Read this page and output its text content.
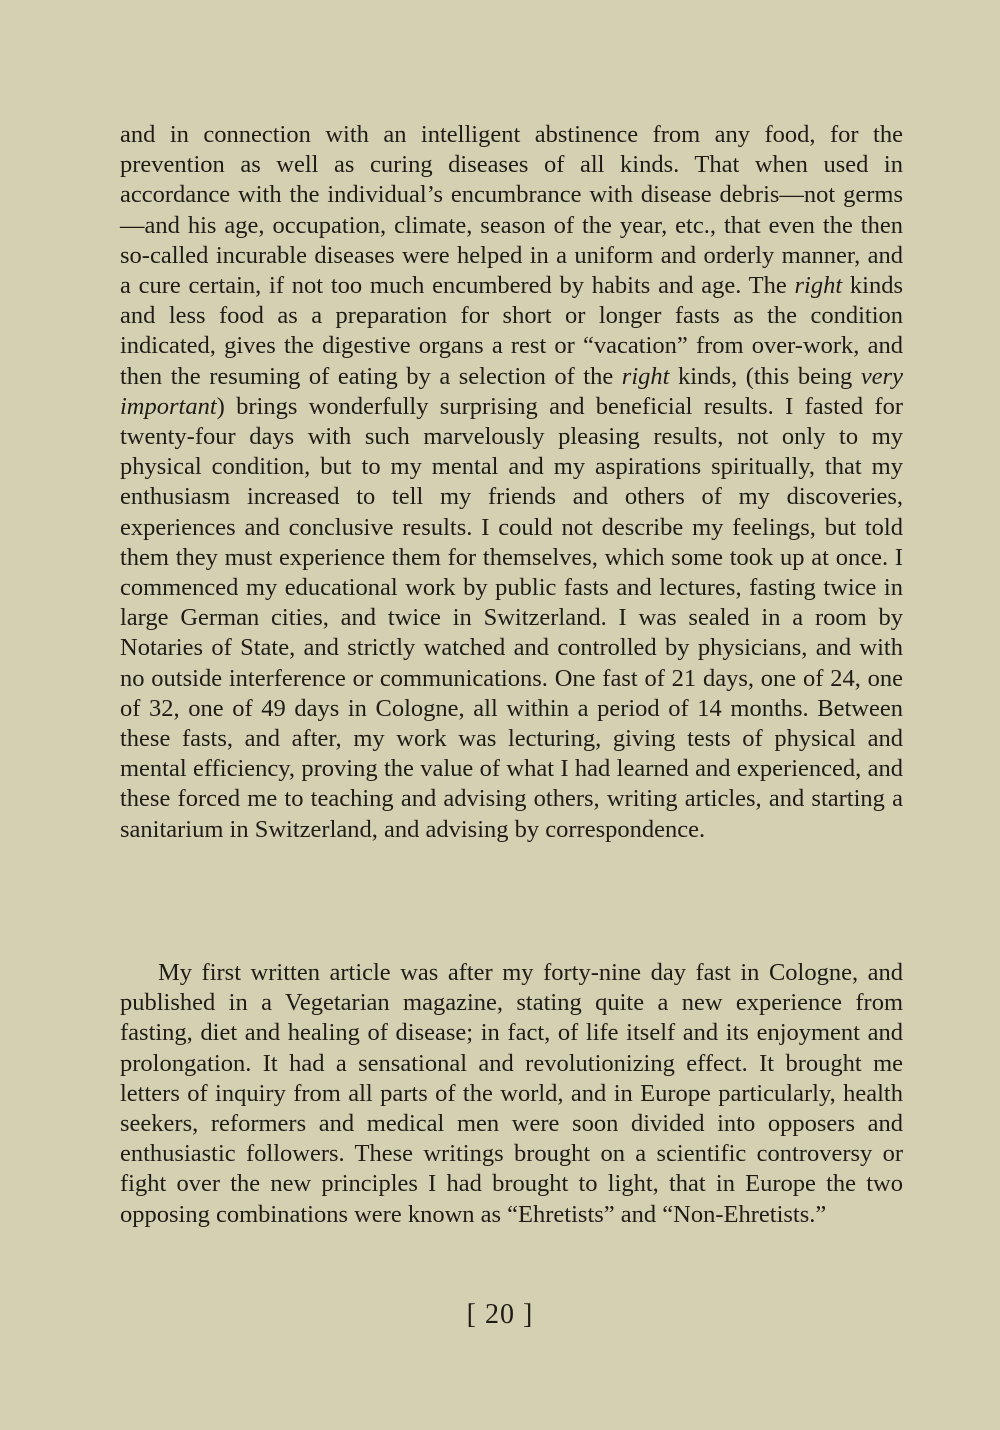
and in connection with an intelligent abstinence from any food, for the prevention as well as curing diseases of all kinds. That when used in accordance with the individual’s encumbrance with disease debris—not germs—and his age, occupation, climate, season of the year, etc., that even the then so-called incurable diseases were helped in a uniform and orderly manner, and a cure certain, if not too much encumbered by habits and age. The right kinds and less food as a preparation for short or longer fasts as the condition indicated, gives the digestive organs a rest or “vacation” from over-work, and then the resuming of eating by a selection of the right kinds, (this being very important) brings wonderfully surprising and beneficial results. I fasted for twenty-four days with such marvelously pleasing results, not only to my physical condition, but to my mental and my aspirations spiritually, that my enthusiasm increased to tell my friends and others of my discoveries, experiences and conclusive results. I could not describe my feelings, but told them they must experience them for themselves, which some took up at once. I commenced my educational work by public fasts and lectures, fasting twice in large German cities, and twice in Switzerland. I was sealed in a room by Notaries of State, and strictly watched and controlled by physicians, and with no outside interference or communications. One fast of 21 days, one of 24, one of 32, one of 49 days in Cologne, all within a period of 14 months. Between these fasts, and after, my work was lecturing, giving tests of physical and mental efficiency, proving the value of what I had learned and experienced, and these forced me to teaching and advising others, writing articles, and starting a sanitarium in Switzerland, and advising by correspondence.

My first written article was after my forty-nine day fast in Cologne, and published in a Vegetarian magazine, stating quite a new experience from fasting, diet and healing of disease; in fact, of life itself and its enjoyment and prolongation. It had a sensational and revolutionizing effect. It brought me letters of inquiry from all parts of the world, and in Europe particularly, health seekers, reformers and medical men were soon divided into opposers and enthusiastic followers. These writings brought on a scientific controversy or fight over the new principles I had brought to light, that in Europe the two opposing combinations were known as “Ehretists” and “Non-Ehretists.”

[ 20 ]
